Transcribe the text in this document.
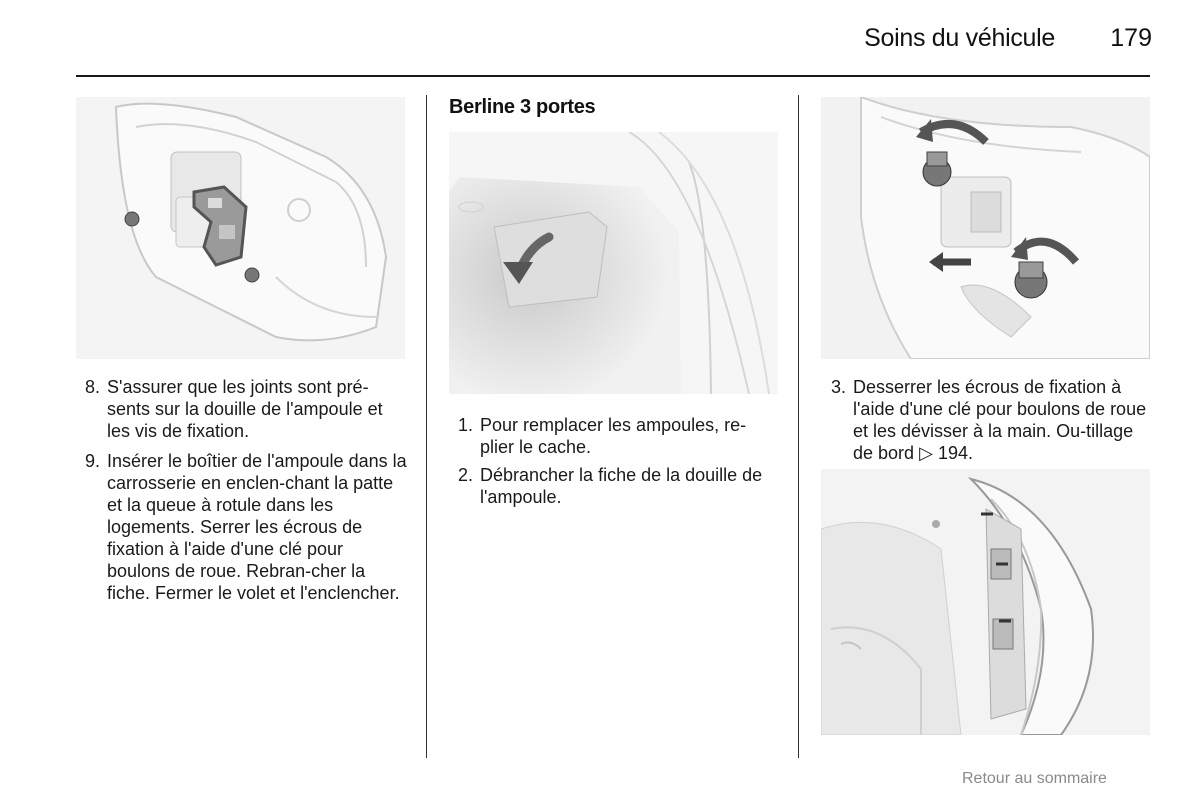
Soins du véhicule	179
8. S'assurer que les joints sont pré-sents sur la douille de l'ampoule et les vis de fixation.
9. Insérer le boîtier de l'ampoule dans la carrosserie en enclen-chant la patte et la queue à rotule dans les logements. Serrer les écrous de fixation à l'aide d'une clé pour boulons de roue. Rebran-cher la fiche. Fermer le volet et l'enclencher.
Berline 3 portes
1. Pour remplacer les ampoules, re-plier le cache.
2. Débrancher la fiche de la douille de l'ampoule.
3. Desserrer les écrous de fixation à l'aide d'une clé pour boulons de roue et les dévisser à la main. Ou-tillage de bord ▷ 194.
Retour au sommaire
